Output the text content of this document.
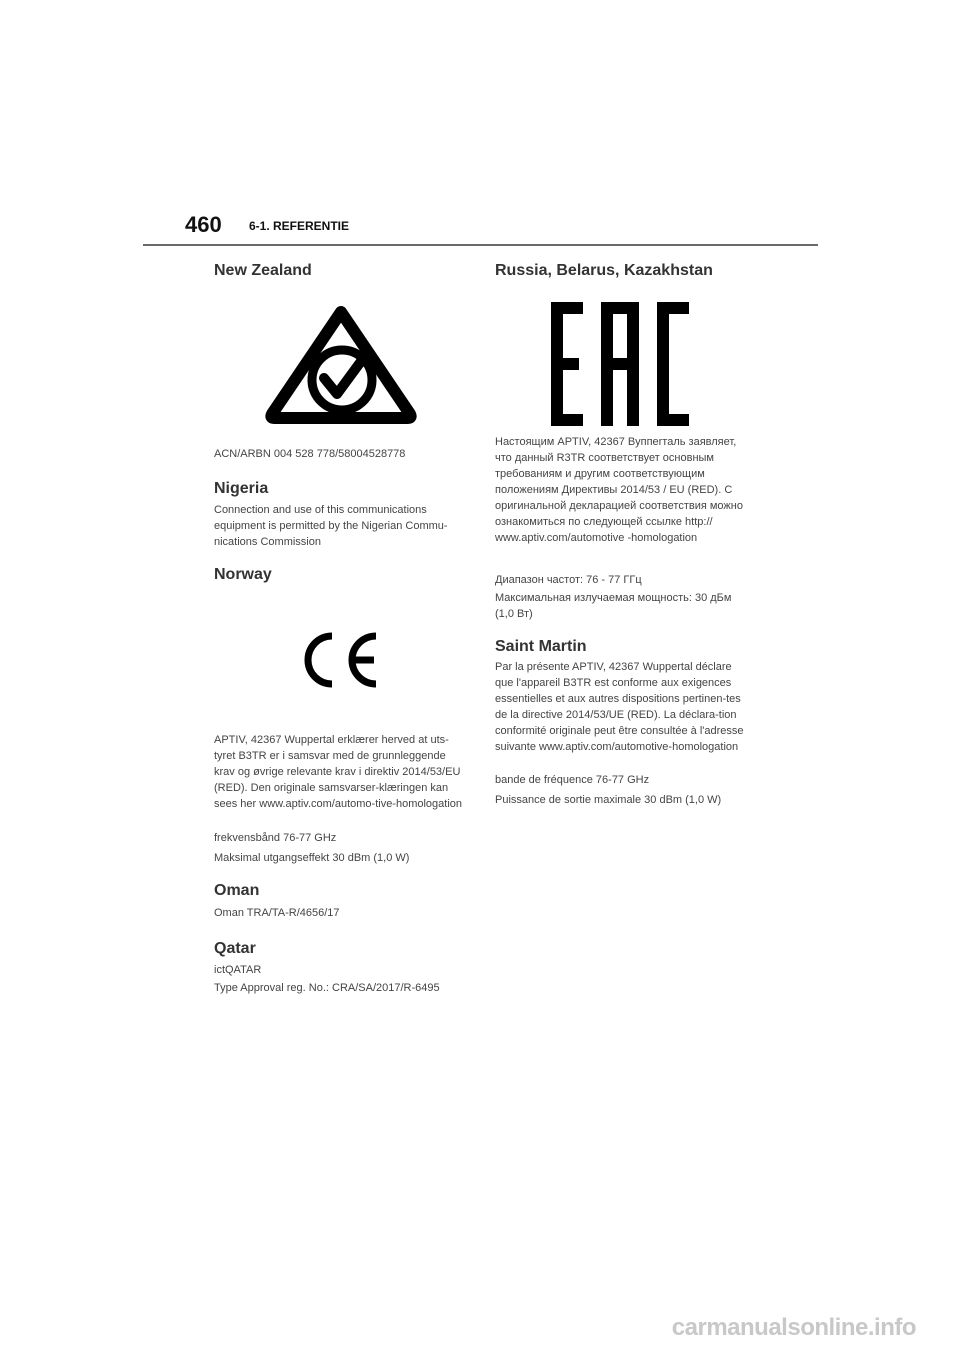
460 6-1. REFERENTIE
New Zealand

ACN/ARBN 004 528 778/58004528778

Nigeria

Connection and use of this communications equipment is permitted by the Nigerian Commu-nications Commission

Norway

APTIV, 42367 Wuppertal erklærer herved at uts-tyret B3TR er i samsvar med de grunnleggende krav og øvrige relevante krav i direktiv 2014/53/EU (RED). Den originale samsvarser-klæringen kan sees her www.aptiv.com/automo-tive-homologation

frekvensbånd 76-77 GHz

Maksimal utgangseffekt 30 dBm (1,0 W)

Oman

Oman TRA/TA-R/4656/17

Qatar

ictQATAR

Type Approval reg. No.: CRA/SA/2017/R-6495

Russia, Belarus, Kazakhstan

Настоящим APTIV, 42367 Вуппerталь заявляет, что данный R3TR соответствует основным требованиям и другим соответствующим положениям Директивы 2014/53 / EU (RED). С оригинальной декларацией соответствия можно ознакомиться по следующей ссылке http:// www.aptiv.com/automotive -homologation

Диапазон частот: 76 - 77 ГГц

Максимальная излучаемая мощность: 30 дБм (1,0 Вт)

Saint Martin

Par la présente APTIV, 42367 Wuppertal déclare que l'appareil B3TR est conforme aux exigences essentielles et aux autres dispositions pertinen-tes de la directive 2014/53/UE (RED). La déclara-tion conformité originale peut être consultée à l'adresse suivante www.aptiv.com/automotive-homologation

bande de fréquence 76-77 GHz

Puissance de sortie maximale 30 dBm (1,0 W)

carmanualsonline.info
